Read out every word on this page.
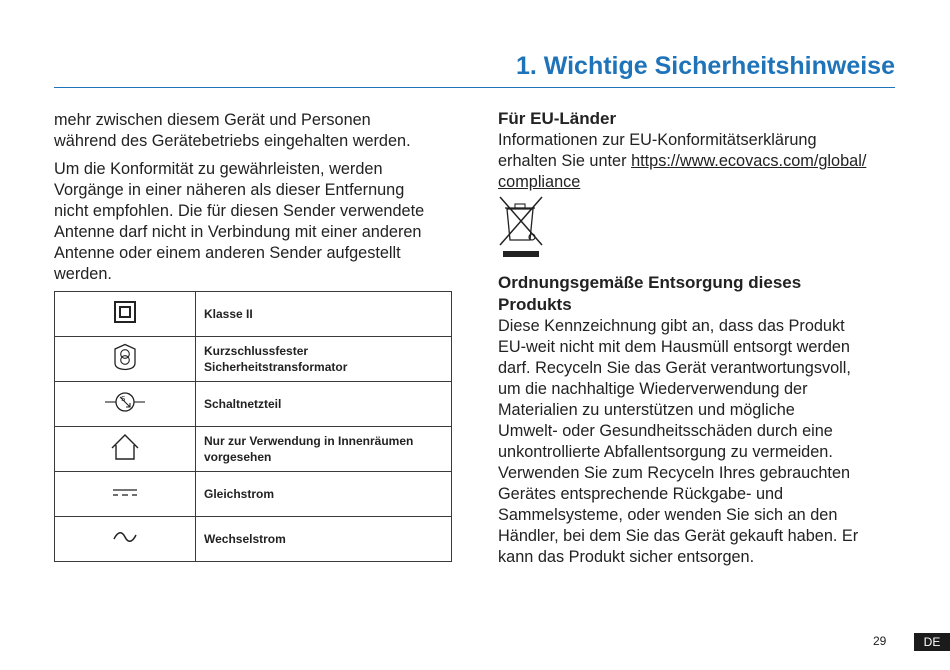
1. Wichtige Sicherheitshinweise

mehr zwischen diesem Gerät und Personen
während des Gerätebetriebs eingehalten werden.

Um die Konformität zu gewährleisten, werden
Vorgänge in einer näheren als dieser Entfernung
nicht empfohlen. Die für diesen Sender verwendete
Antenne darf nicht in Verbindung mit einer anderen
Antenne oder einem anderen Sender aufgestellt
werden.

	Klasse II
	Kurzschlussfester
Sicherheitstransformator

S	Schaltnetzteil
	Nur zur Verwendung in Innenräumen
vorgesehen
	Gleichstrom
	Wechselstrom
Für EU-Länder

Informationen zur EU-Konformitätserklärung
erhalten Sie unter https://www.ecovacs.com/global/
compliance

Ordnungsgemäße Entsorgung dieses
Produkts
Diese Kennzeichnung gibt an, dass das Produkt
EU-weit nicht mit dem Hausmüll entsorgt werden
darf. Recyceln Sie das Gerät verantwortungsvoll,
um die nachhaltige Wiederverwendung der
Materialien zu unterstützen und mögliche
Umwelt- oder Gesundheitsschäden durch eine
unkontrollierte Abfallentsorgung zu vermeiden.
Verwenden Sie zum Recyceln Ihres gebrauchten
Gerätes entsprechende Rückgabe- und
Sammelsysteme, oder wenden Sie sich an den
Händler, bei dem Sie das Gerät gekauft haben. Er
kann das Produkt sicher entsorgen.
29	DE
